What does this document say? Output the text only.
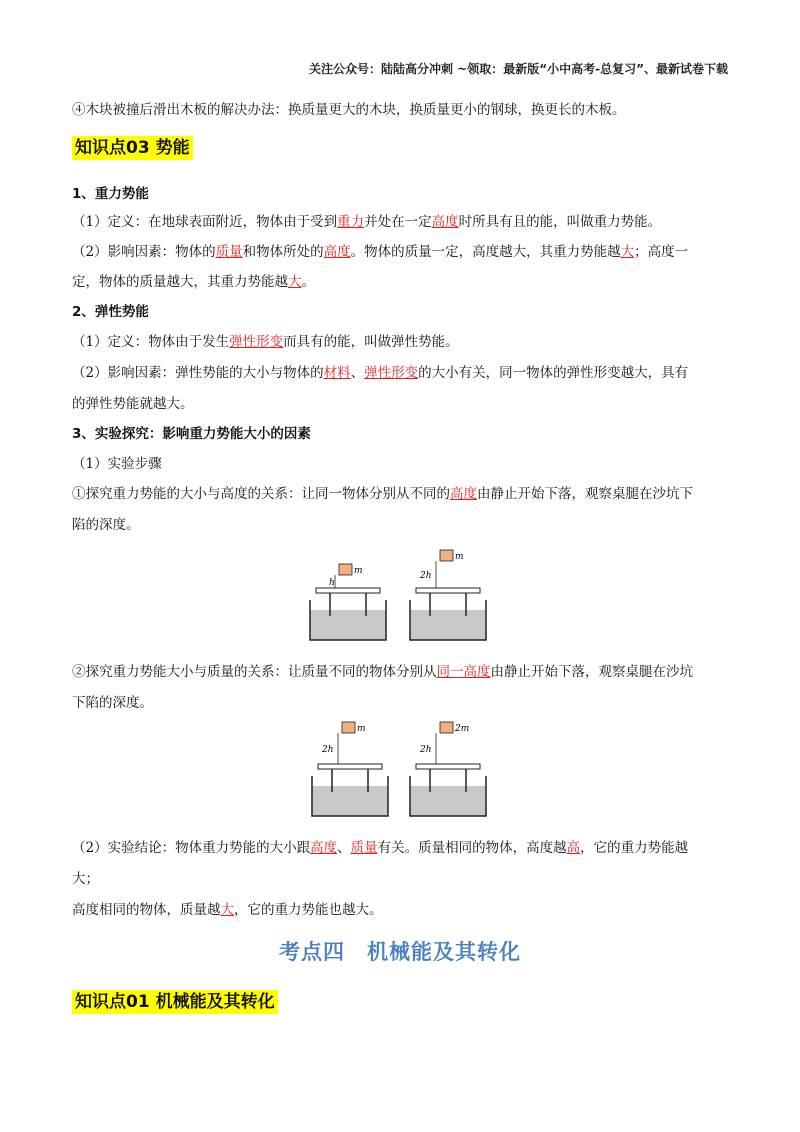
关注公众号：陆陆高分冲刺 ~领取：最新版“小中高考-总复习”、最新试卷下载
④木块被撞后滑出木板的解决办法：换质量更大的木块，换质量更小的钢球，换更长的木板。
知识点03 势能
1、重力势能
（1）定义：在地球表面附近，物体由于受到重力并处在一定高度时所具有且的能，叫做重力势能。
（2）影响因素：物体的质量和物体所处的高度。物体的质量一定，高度越大，其重力势能越大；高度一
定，物体的质量越大，其重力势能越大。
2、弹性势能
（1）定义：物体由于发生弹性形变而具有的能，叫做弹性势能。
（2）影响因素：弹性势能的大小与物体的材料、弹性形变的大小有关，同一物体的弹性形变越大，具有
的弹性势能就越大。
3、实验探究：影响重力势能大小的因素
（1）实验步骤
①探究重力势能的大小与高度的关系：让同一物体分别从不同的高度由静止开始下落，观察桌腿在沙坑下
陷的深度。
m
h
m
2h
②探究重力势能大小与质量的关系：让质量不同的物体分别从同一高度由静止开始下落，观察桌腿在沙坑
下陷的深度。
m
2h
2m
2h
（2）实验结论：物体重力势能的大小跟高度、质量有关。质量相同的物体，高度越高，它的重力势能越
大；
高度相同的物体，质量越大，它的重力势能也越大。
考点四　机械能及其转化
知识点01 机械能及其转化
